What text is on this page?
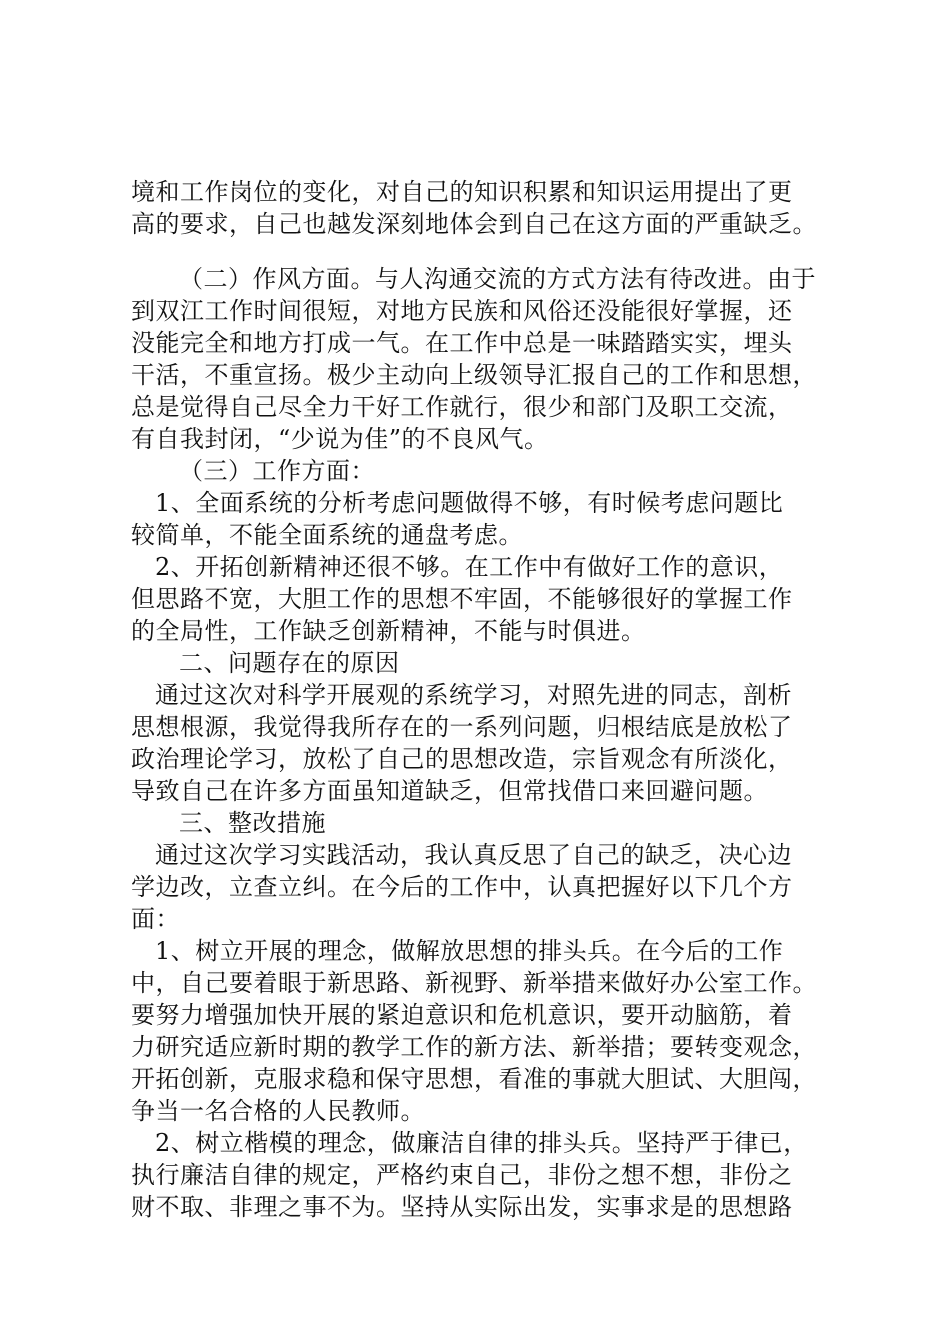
境和工作岗位的变化，对自己的知识积累和知识运用提出了更
高的要求，自己也越发深刻地体会到自己在这方面的严重缺乏。
（二）作风方面。与人沟通交流的方式方法有待改进。由于
到双江工作时间很短，对地方民族和风俗还没能很好掌握，还
没能完全和地方打成一气。在工作中总是一味踏踏实实，埋头
干活，不重宣扬。极少主动向上级领导汇报自己的工作和思想，
总是觉得自己尽全力干好工作就行，很少和部门及职工交流，
有自我封闭，“少说为佳”的不良风气。
（三）工作方面：
1、全面系统的分析考虑问题做得不够，有时候考虑问题比
较简单，不能全面系统的通盘考虑。
2、开拓创新精神还很不够。在工作中有做好工作的意识，
但思路不宽，大胆工作的思想不牢固，不能够很好的掌握工作
的全局性，工作缺乏创新精神，不能与时俱进。
二、问题存在的原因
通过这次对科学开展观的系统学习，对照先进的同志，剖析
思想根源，我觉得我所存在的一系列问题，归根结底是放松了
政治理论学习，放松了自己的思想改造，宗旨观念有所淡化，
导致自己在许多方面虽知道缺乏，但常找借口来回避问题。
三、整改措施
通过这次学习实践活动，我认真反思了自己的缺乏，决心边
学边改，立查立纠。在今后的工作中，认真把握好以下几个方
面：
1、树立开展的理念，做解放思想的排头兵。在今后的工作
中，自己要着眼于新思路、新视野、新举措来做好办公室工作。
要努力增强加快开展的紧迫意识和危机意识，要开动脑筋，着
力研究适应新时期的教学工作的新方法、新举措；要转变观念，
开拓创新，克服求稳和保守思想，看准的事就大胆试、大胆闯，
争当一名合格的人民教师。
2、树立楷模的理念，做廉洁自律的排头兵。坚持严于律已，
执行廉洁自律的规定，严格约束自己，非份之想不想，非份之
财不取、非理之事不为。坚持从实际出发，实事求是的思想路
